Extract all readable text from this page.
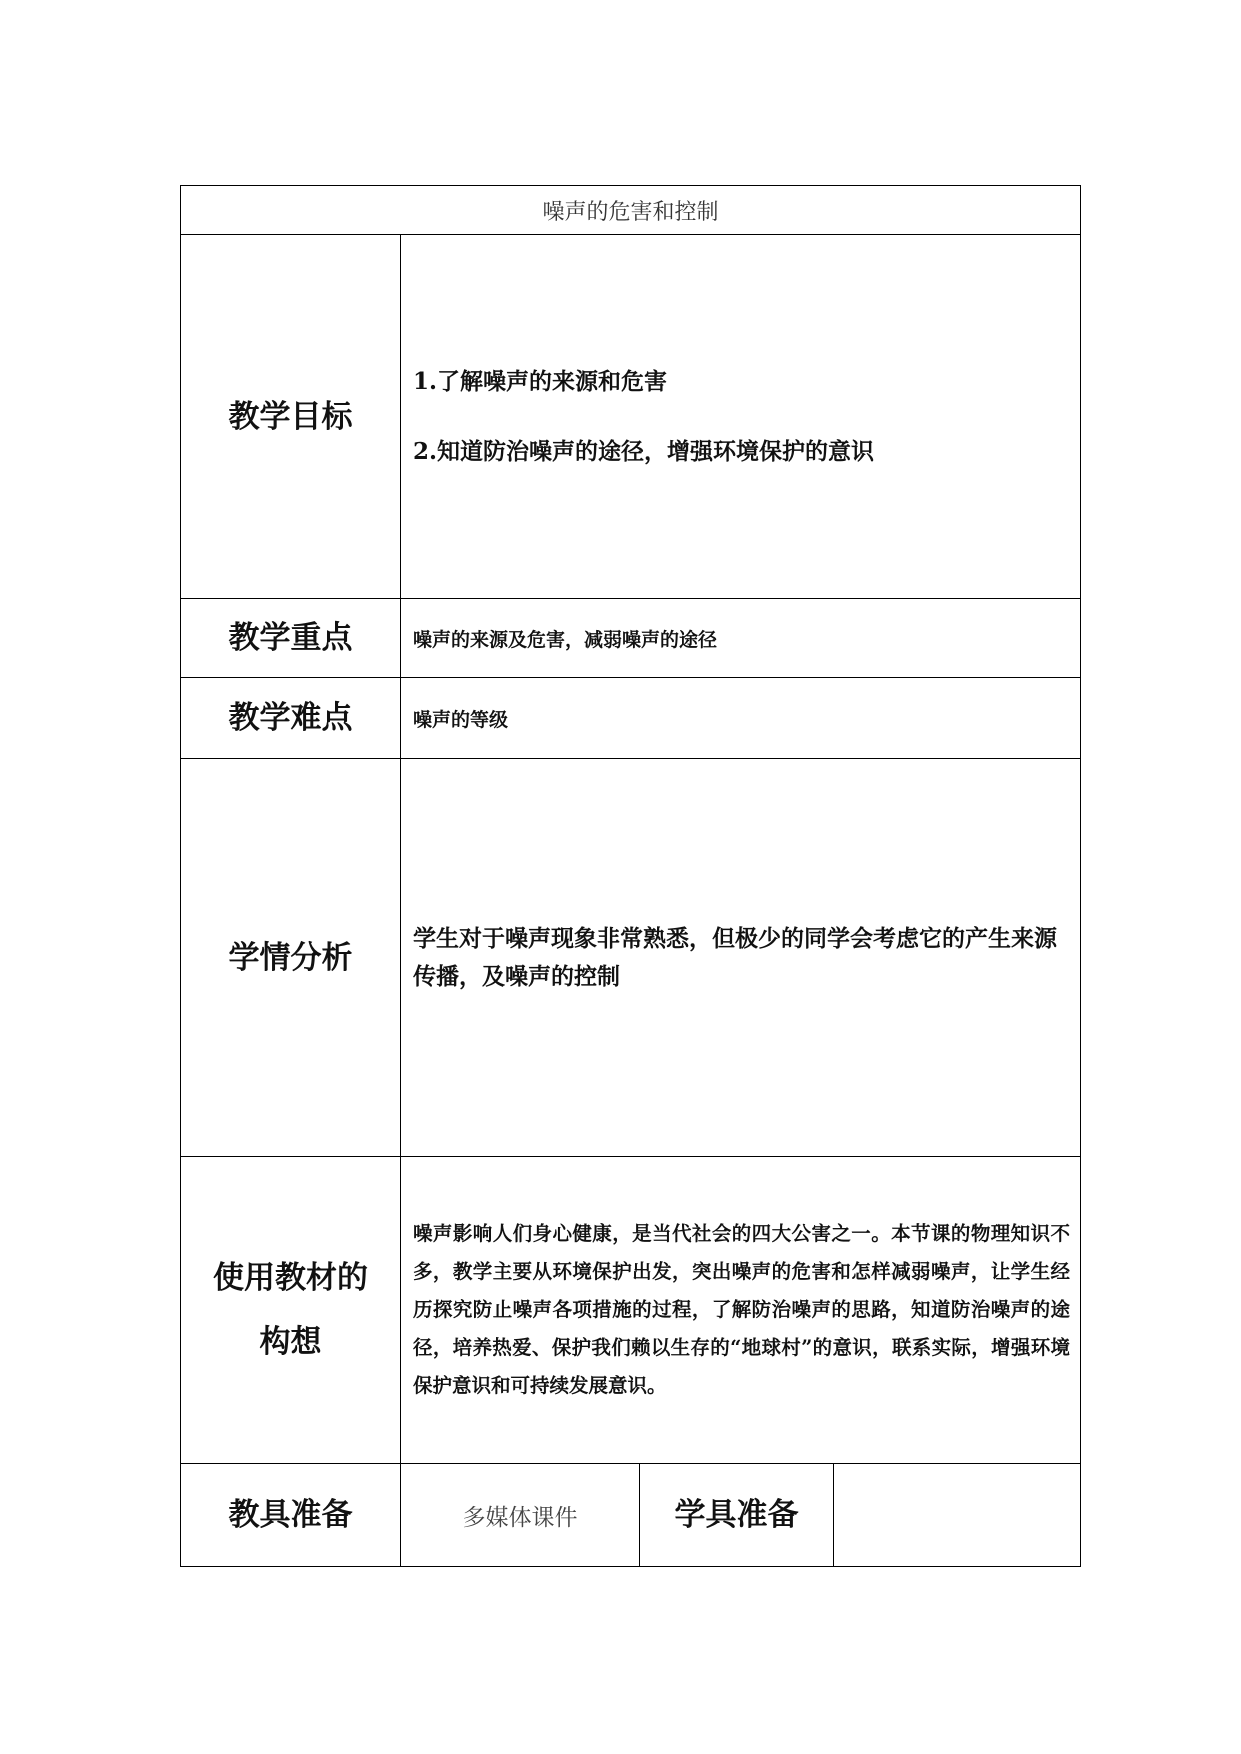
噪声的危害和控制			
教学目标	1.了解噪声的来源和危害

2.知道防治噪声的途径，增强环境保护的意识		

教学重点	噪声的来源及危害，减弱噪声的途径		
教学难点	噪声的等级		
学情分析	学生对于噪声现象非常熟悉，但极少的同学会考虑它的产生来源传播，及噪声的控制		

使用教材的
构想	噪声影响人们身心健康，是当代社会的四大公害之一。本节课的物理知识不多，教学主要从环境保护出发，突出噪声的危害和怎样减弱噪声，让学生经历探究防止噪声各项措施的过程，了解防治噪声的思路，知道防治噪声的途径，培养热爱、保护我们赖以生存的“地球村”的意识，联系实际，增强环境保护意识和可持续发展意识。		
教具准备	多媒体课件	学具准备	
